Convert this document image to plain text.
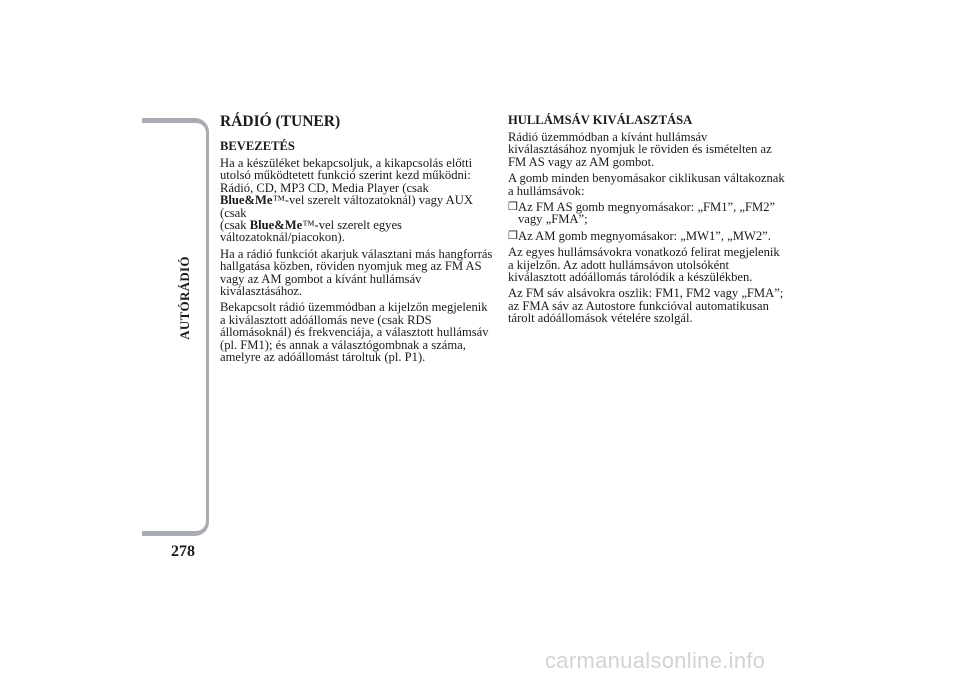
AUTÓRÁDIÓ
278
RÁDIÓ (TUNER)
BEVEZETÉS

Ha a készüléket bekapcsoljuk, a kikapcsolás előtti utolsó működtetett funkció szerint kezd működni: Rádió, CD, MP3 CD, Media Player (csak
Blue&Me™-vel szerelt változatoknál) vagy AUX (csak
(csak Blue&Me™-vel szerelt egyes változatoknál/piacokon).

Ha a rádió funkciót akarjuk választani más hangforrás hallgatása közben, röviden nyomjuk meg az FM AS vagy az AM gombot a kívánt hullámsáv kiválasztásához.

Bekapcsolt rádió üzemmódban a kijelzőn megjelenik a kiválasztott adóállomás neve (csak RDS állomásoknál) és frekvenciája, a választott hullámsáv (pl. FM1); és annak a választógombnak a száma, amelyre az adóállomást tároltuk (pl. P1).

HULLÁMSÁV KIVÁLASZTÁSA

Rádió üzemmódban a kívánt hullámsáv kiválasztásához nyomjuk le röviden és ismételten az FM AS vagy az AM gombot.

A gomb minden benyomásakor ciklikusan váltakoznak a hullámsávok:

❒ Az FM AS gomb megnyomásakor: „FM1”, „FM2” vagy „FMA”;
❒ Az AM gomb megnyomásakor: „MW1”, „MW2”.

Az egyes hullámsávokra vonatkozó felirat megjelenik a kijelzőn. Az adott hullámsávon utolsóként kiválasztott adóállomás tárolódik a készülékben.

Az FM sáv alsávokra oszlik: FM1, FM2 vagy „FMA”; az FMA sáv az Autostore funkcióval automatikusan tárolt adóállomások vételére szolgál.

carmanualsonline.info
